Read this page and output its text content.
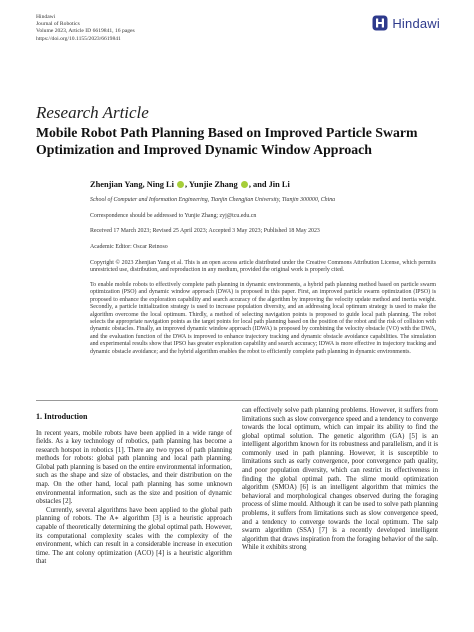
Hindawi
Journal of Robotics
Volume 2023, Article ID 6619841, 16 pages
https://doi.org/10.1155/2023/6619841
Hindawi
Research Article
Mobile Robot Path Planning Based on Improved Particle Swarm Optimization and Improved Dynamic Window Approach
Zhenjian Yang, Ning Li , Yunjie Zhang , and Jin Li
School of Computer and Information Engineering, Tianjin Chengjian University, Tianjin 300000, China
Correspondence should be addressed to Yunjie Zhang; zyj@tcu.edu.cn
Received 17 March 2023; Revised 25 April 2023; Accepted 3 May 2023; Published 18 May 2023
Academic Editor: Oscar Reinoso
Copyright © 2023 Zhenjian Yang et al. This is an open access article distributed under the Creative Commons Attribution License, which permits unrestricted use, distribution, and reproduction in any medium, provided the original work is properly cited.
To enable mobile robots to effectively complete path planning in dynamic environments, a hybrid path planning method based on particle swarm optimization (PSO) and dynamic window approach (DWA) is proposed in this paper. First, an improved particle swarm optimization (IPSO) is proposed to enhance the exploration capability and search accuracy of the algorithm by improving the velocity update method and inertia weight. Secondly, a particle initialization strategy is used to increase population diversity, and an addressing local optimum strategy is used to make the algorithm overcome the local optimum. Thirdly, a method of selecting navigation points is proposed to guide local path planning. The robot selects the appropriate navigation points as the target points for local path planning based on the position of the robot and the risk of collision with dynamic obstacles. Finally, an improved dynamic window approach (IDWA) is proposed by combining the velocity obstacle (VO) with the DWA, and the evaluation function of the DWA is improved to enhance trajectory tracking and dynamic obstacle avoidance capabilities. The simulation and experimental results show that IPSO has greater exploration capability and search accuracy; IDWA is more effective in trajectory tracking and dynamic obstacle avoidance; and the hybrid algorithm enables the robot to efficiently complete path planning in dynamic environments.
1. Introduction

In recent years, mobile robots have been applied in a wide range of fields. As a key technology of robotics, path planning has become a research hotspot in robotics [1]. There are two types of path planning methods for robots: global path planning and local path planning. Global path planning is based on the entire environmental information, such as the shape and size of obstacles, and their distribution on the map. On the other hand, local path planning has some unknown environmental information, such as the size and position of dynamic obstacles [2].

Currently, several algorithms have been applied to the global path planning of robots. The A∗ algorithm [3] is a heuristic approach capable of theoretically determining the global optimal path. However, its computational complexity scales with the complexity of the environment, which can result in a considerable increase in execution time. The ant colony optimization (ACO) [4] is a heuristic algorithm that

can effectively solve path planning problems. However, it suffers from limitations such as slow convergence speed and a tendency to converge towards the local optimum, which can impair its ability to find the global optimal solution. The genetic algorithm (GA) [5] is an intelligent algorithm known for its robustness and parallelism, and it is commonly used in path planning. However, it is susceptible to limitations such as early convergence, poor convergence path quality, and poor population diversity, which can restrict its effectiveness in finding the global optimal path. The slime mould optimization algorithm (SMOA) [6] is an intelligent algorithm that mimics the behavioral and morphological changes observed during the foraging process of slime mould. Although it can be used to solve path planning problems, it suffers from limitations such as slow convergence speed, and a tendency to converge towards the local optimum. The salp swarm algorithm (SSA) [7] is a recently developed intelligent algorithm that draws inspiration from the foraging behavior of the salp. While it exhibits strong
